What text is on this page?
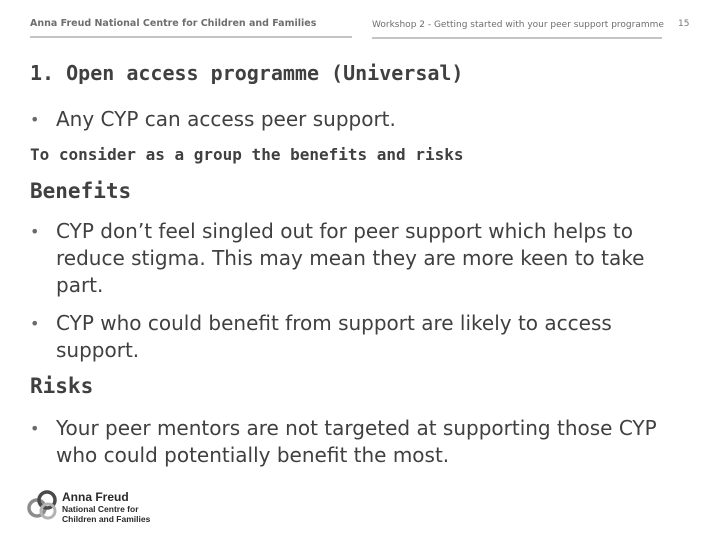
Anna Freud National Centre for Children and Families	Workshop 2 - Getting started with your peer support programme 15
1. Open access programme (Universal)
• Any CYP can access peer support.
To consider as a group the benefits and risks
Benefits
• CYP don’t feel singled out for peer support which helps to reduce stigma. This may mean they are more keen to take part.
• CYP who could benefit from support are likely to access support.
Risks
• Your peer mentors are not targeted at supporting those CYP who could potentially benefit the most.
Anna Freud
National Centre for
Children and Families
